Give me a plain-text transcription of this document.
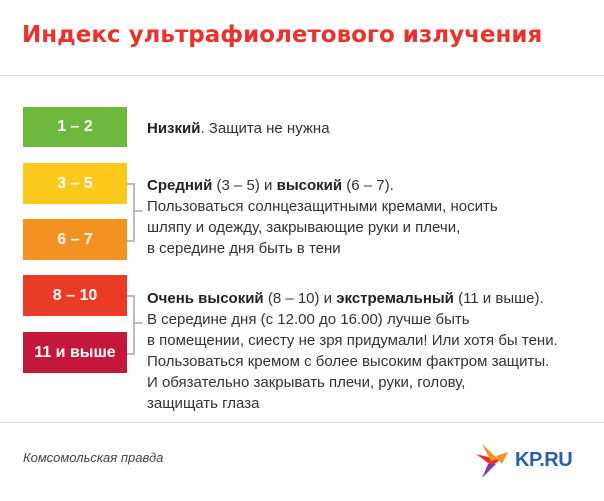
Индекс ультрафиолетового излучения
1 – 2
3 – 5
6 – 7
8 – 10
11 и выше
Низкий. Защита не нужна
Средний (3 – 5) и высокий (6 – 7).
Пользоваться солнцезащитными кремами, носить
шляпу и одежду, закрывающие руки и плечи,
в середине дня быть в тени
Очень высокий (8 – 10) и экстремальный (11 и выше).
В середине дня (с 12.00 до 16.00) лучше быть
в помещении, сиесту не зря придумали! Или хотя бы тени.
Пользоваться кремом с более высоким фактром защиты.
И обязательно закрывать плечи, руки, голову,
защищать глаза
Комсомольская правда	KP.RU
